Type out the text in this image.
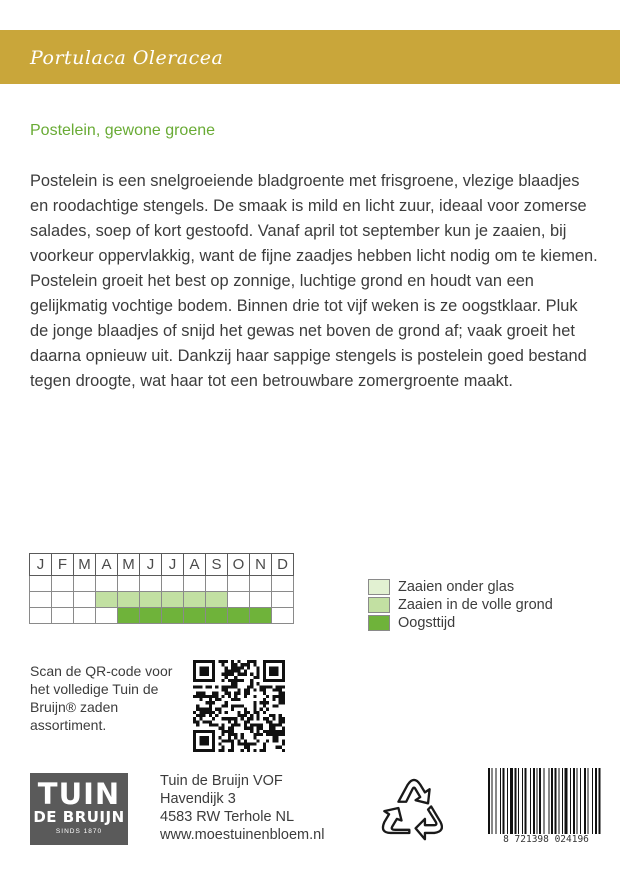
Portulaca Oleracea
Postelein, gewone groene

Postelein is een snelgroeiende bladgroente met frisgroene, vlezige blaadjes en roodachtige stengels. De smaak is mild en licht zuur, ideaal voor zomerse salades, soep of kort gestoofd. Vanaf april tot september kun je zaaien, bij voorkeur oppervlakkig, want de fijne zaadjes hebben licht nodig om te kiemen. Postelein groeit het best op zonnige, luchtige grond en houdt van een gelijkmatig vochtige bodem. Binnen drie tot vijf weken is ze oogstklaar. Pluk de jonge blaadjes of snijd het gewas net boven de grond af; vaak groeit het daarna opnieuw uit. Dankzij haar sappige stengels is postelein goed bestand tegen droogte, wat haar tot een betrouwbare zomergroente maakt.

J	F	M	A	M	J	J	A	S	O	N	D

Zaaien onder glas
Zaaien in de volle grond
Oogsttijd
Scan de QR-code voor het volledige Tuin de Bruijn® zaden assortiment.
TUIN
DE BRUIJN
SINDS 1870
Tuin de Bruijn VOF
Havendijk 3
4583 RW Terhole NL
www.moestuinenbloem.nl	8 721398 024196
